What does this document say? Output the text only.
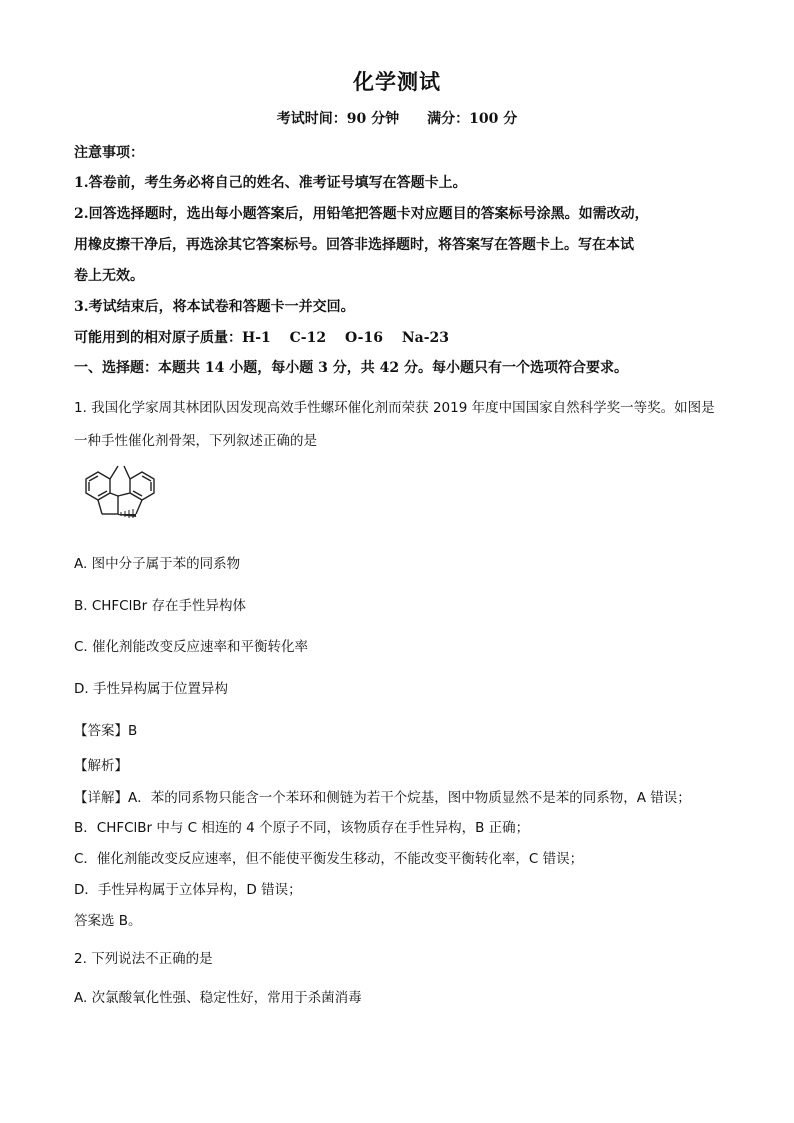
化学测试
考试时间：90 分钟 满分：100 分
注意事项：
1.答卷前，考生务必将自己的姓名、准考证号填写在答题卡上。
2.回答选择题时，选出每小题答案后，用铅笔把答题卡对应题目的答案标号涂黑。如需改动，
用橡皮擦干净后，再选涂其它答案标号。回答非选择题时，将答案写在答题卡上。写在本试
卷上无效。
3.考试结束后，将本试卷和答题卡一并交回。
可能用到的相对原子质量：H-1　 C-12　 O-16　 Na-23
一、选择题：本题共 14 小题，每小题 3 分，共 42 分。每小题只有一个选项符合要求。
1. 我国化学家周其林团队因发现高效手性螺环催化剂而荣获 2019 年度中国国家自然科学奖一等奖。如图是
一种手性催化剂骨架，下列叙述正确的是
A. 图中分子属于苯的同系物
B. CHFClBr 存在手性异构体
C. 催化剂能改变反应速率和平衡转化率
D. 手性异构属于位置异构
【答案】B
【解析】
【详解】A．苯的同系物只能含一个苯环和侧链为若干个烷基，图中物质显然不是苯的同系物，A 错误；
B．CHFClBr 中与 C 相连的 4 个原子不同，该物质存在手性异构，B 正确；
C．催化剂能改变反应速率，但不能使平衡发生移动，不能改变平衡转化率，C 错误；
D．手性异构属于立体异构，D 错误；
答案选 B。
2. 下列说法不正确的是
A. 次氯酸氧化性强、稳定性好，常用于杀菌消毒
